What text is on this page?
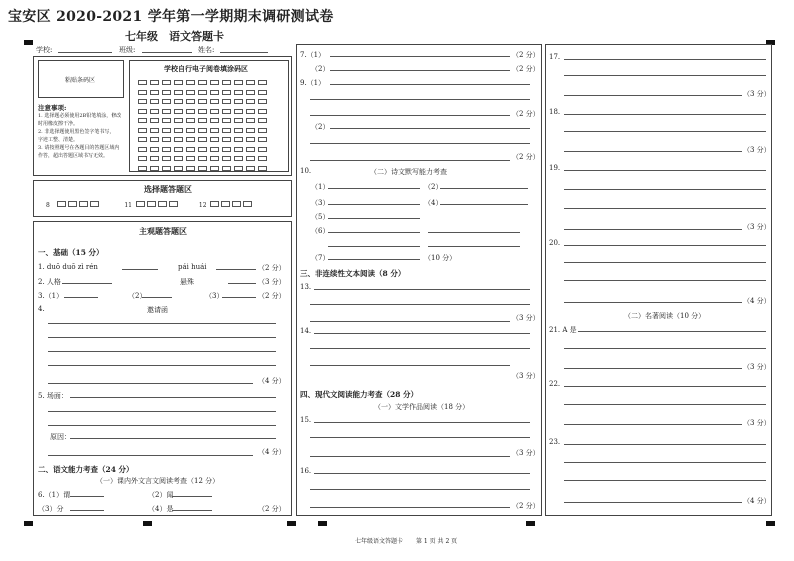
宝安区 2020-2021 学年第一学期期末调研测试卷
七年级　语文答题卡
学校:	班级:	姓名:
粘贴条码区
注意事项:
1. 选择题必须使用2B铅笔填涂，修改
时用橡皮擦干净。
2. 非选择题使用黑色签字笔书写，
字迹工整、清楚。
3. 请按照题号在各题目的答题区域内
作答，超出答题区域书写无效。
学校自行电子阅卷填涂码区
选择题答题区
8	11	12
主观题答题区
一、基础（15 分）
1. duō duō zì rén	pái huái	（2 分）
2. 人格	悬殊	（3 分）
3.（1）	（2）	（3）	（2 分）
4.	邀请函
（4 分）
5. 场面：
原因：
（4 分）
二、语文能力考查（24 分）
（一）课内外文言文阅读考查（12 分）
6.（1）谓	（2）闻
（3）分	（4）是	（2 分）
7.（1）	（2 分）
（2）	（2 分）
9.（1）
（2 分）
（2）
（2 分）
10.	（二）诗文默写能力考查
（1）	（2）
（3）	（4）
（5）
（6）
（7）	（10 分）
三、非连续性文本阅读（8 分）
13.
（3 分）
14.
（3 分）
四、现代文阅读能力考查（28 分）
（一）文学作品阅读（18 分）
15.
（3 分）
16.
（2 分）
17.
（3 分）
18.
（3 分）
19.
（3 分）
20.
（4 分）
（二）名著阅读（10 分）
21. A 是
（3 分）
22.
（3 分）
23.
（4 分）
七年级语文答题卡 第 1 页 共 2 页
